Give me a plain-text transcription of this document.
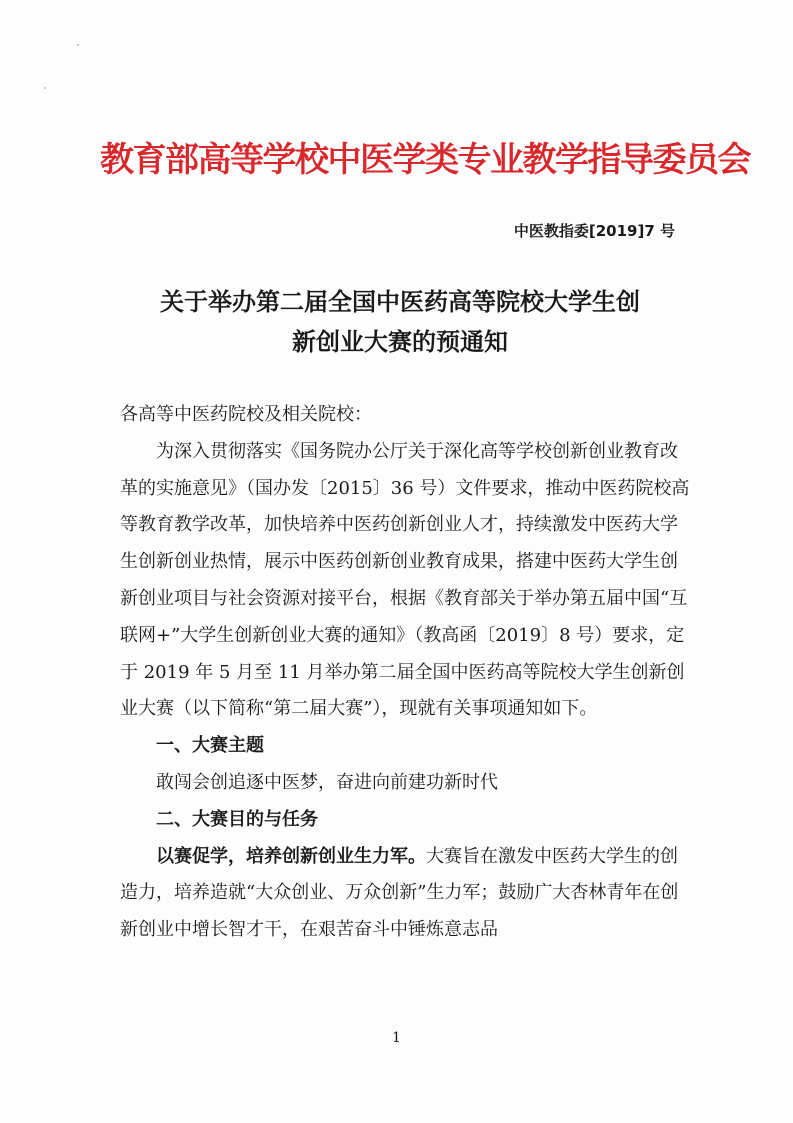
教育部高等学校中医学类专业教学指导委员会
中医教指委[2019]7 号
关于举办第二届全国中医药高等院校大学生创
新创业大赛的预通知

各高等中医药院校及相关院校：

为深入贯彻落实《国务院办公厅关于深化高等学校创新创业教育改革的实施意见》（国办发〔2015〕36 号）文件要求，推动中医药院校高等教育教学改革，加快培养中医药创新创业人才，持续激发中医药大学生创新创业热情，展示中医药创新创业教育成果，搭建中医药大学生创新创业项目与社会资源对接平台，根据《教育部关于举办第五届中国“互联网+”大学生创新创业大赛的通知》（教高函〔2019〕8 号）要求，定于 2019 年 5 月至 11 月举办第二届全国中医药高等院校大学生创新创业大赛（以下简称“第二届大赛”），现就有关事项通知如下。

一、大赛主题

敢闯会创追逐中医梦，奋进向前建功新时代

二、大赛目的与任务

以赛促学，培养创新创业生力军。大赛旨在激发中医药大学生的创造力，培养造就“大众创业、万众创新”生力军；鼓励广大杏林青年在创新创业中增长智才干，在艰苦奋斗中锤炼意志品

1
